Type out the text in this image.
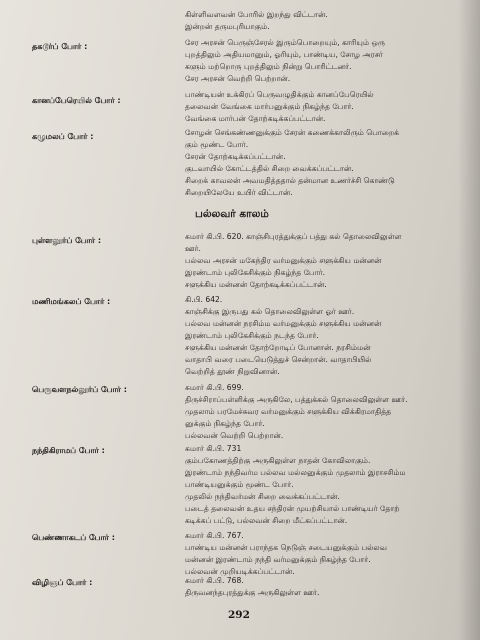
கிள்ளிவளவன் போரில் இறந்து விட்டான்.
இன்றன் தருமபுரியாகும்.
தகடூர்ப் போர் :	சேர அரசன் பெருஞ்சேரல் இரும்பொறையும், காரியும் ஒரு
புறத்திலும் அதியமானும், ஓரியும், பாண்டிய, சோழ அரசர்
களும் மற்றொரு புறத்திலும் நின்று பொரிட்டனர்.
சேர அரசன் வெற்றி பெற்றான்.
கானப்பேரெயில் போர் :
பாண்டியன் உக்கிரப் பெருவழுதிக்கும் கானப்பேரெயில்
தலைவன் வேங்கை மார்பனுக்கும் நிகழ்ந்த போர்.
வேங்கை மார்பன் தோற்கடிக்கப்பட்டான்.
கழுமலப் போர் :	சோழன் செங்கண்ணனுக்கும் சேரன் கணைக்காலிரும் பொறைக்
கும் மூண்ட போர்.
சேரன் தோற்கடிக்கப்பட்டான்.
குடவாயில் கோட்டத்தில் சிறை வைக்கப்பட்டான்.
சிறைக் காவலன் அவமதித்ததால் தன்மான உணர்ச்சி கொண்டு
சிறையிலேயே உயிர் விட்டான்.
பல்லவர் காலம்
புள்ளலூர்ப் போர் :	சுமார் கி.பி. 620. காஞ்சிபுரத்துக்குப் பத்து கல் தொலைவிலுள்ள
ஊர்.
பல்லவ அரசன் மகேந்திர வர்மனுக்கும் சளுக்கிய மன்னன்
இரண்டாம் புலிகேசிக்கும் நிகழ்ந்த போர்.
சளுக்கிய மன்னன் தோற்கடிக்கப்பட்டான்.
மணிமங்கலப் போர் :	கி.பி. 642.
காஞ்சிக்கு இருபது கல் தொலைவிலுள்ள ஓர் ஊர்.
பல்லவ மன்னன் நரசிம்ம வர்மனுக்கும் சளுக்கிய மன்னன்
இரண்டாம் புலிகேசிக்கும் நடந்த போர்.
சளுக்கிய மன்னன் தோற்றோடிப் போனான். நரசிம்மன்
வாதாபி வரை படையெடுத்துச் சென்றான். வாதாபியில்
வெற்றித் தூண் நிறுவினான்.
பெருவளநல்லூர்ப் போர் :	சுமார் கி.பி. 699.
திருச்சிராப்பள்ளிக்கு அருகிலே, பத்துக்கல் தொலைவிலுள்ள ஊர்.
முதலாம் பரமேச்சுவர வர்மனுக்கும் சளுக்கிய விக்கிரமாதித்த
னுக்கும் நிகழ்ந்த போர்.
பல்லவன் வெற்றி பெற்றான்.
நந்திகிராமப் போர் :	சுமார் கி.பி. 731
கும்பகோணத்திற்கு அருகிலுள்ள நாதன் கோவிலாகும்.
இரண்டாம் நந்திவர்ம பல்லவ மல்லனுக்கும் முதலாம் இராசசிம்ம
பாண்டியனுக்கும் மூண்ட போர்.
முதலில் நந்திவர்மன் சிறை வைக்கப்பட்டான்.
படைத் தலைவன் உதய சந்திரன் முயற்சியால் பாண்டியர் தோற்
கடிக்கப் பட்டு, பல்லவன் சிறை மீட்கப்பட்டான்.
பெண்ணாகடப் போர் :	சுமார் கி.பி. 767.
பாண்டிய மன்னன் பராந்தக நெடுஞ் சடையனுக்கும் பல்லவ
மன்னன் இரண்டாம் நந்தி வர்மனுக்கும் நிகழ்ந்த போர்.
பல்லவன் முறியடிக்கப்பட்டான்.
விழிஞப் போர் :	சுமார் கி.பி. 768.
திருவனந்தபுரத்துக்கு அருகிலுள்ள ஊர்.
292
